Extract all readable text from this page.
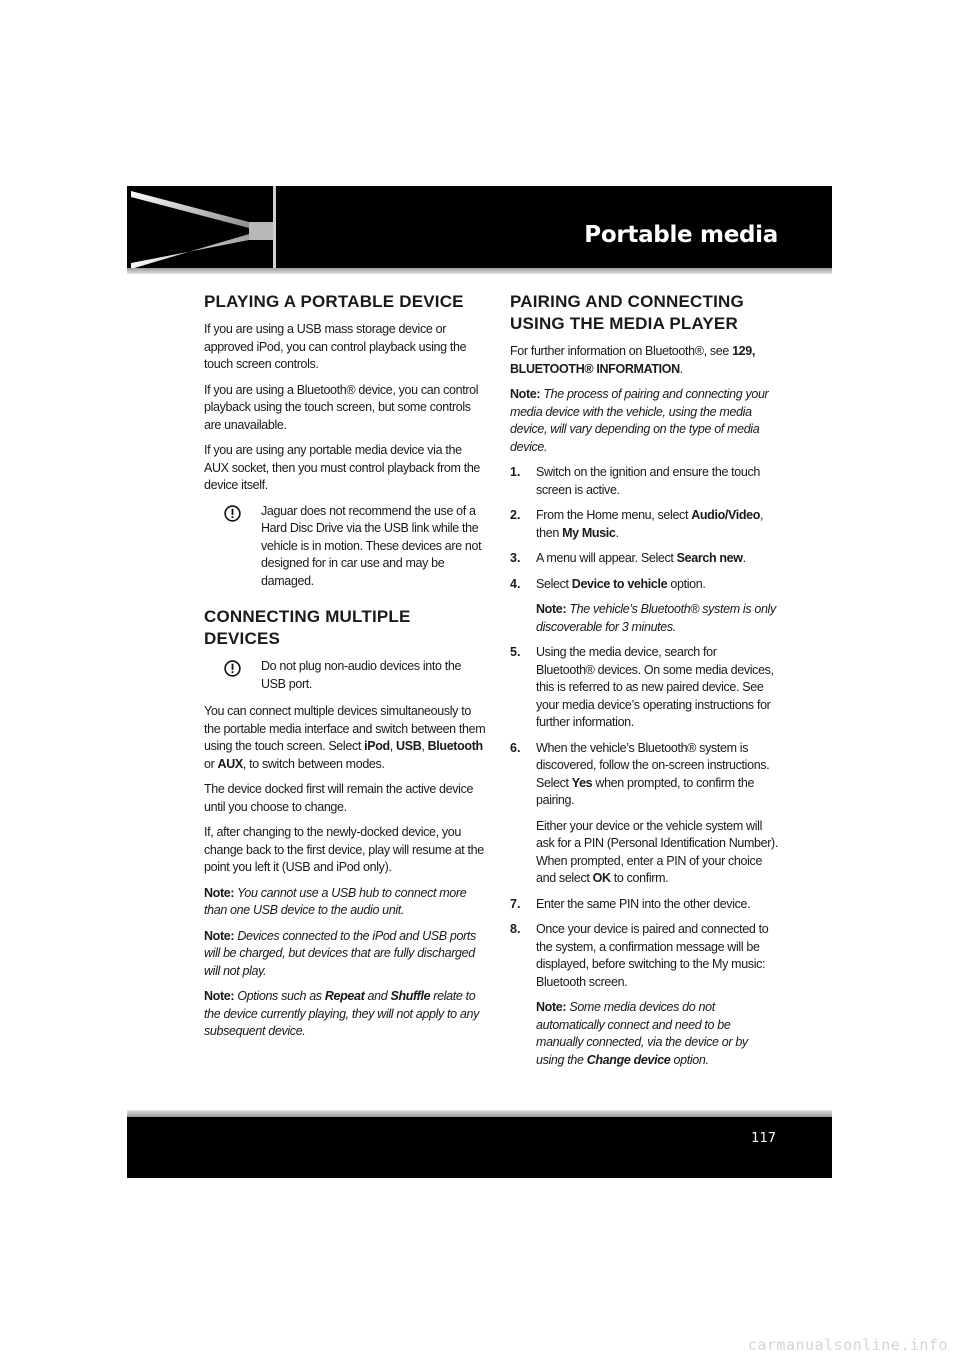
Portable media
PLAYING A PORTABLE DEVICE

If you are using a USB mass storage device or approved iPod, you can control playback using the touch screen controls.

If you are using a Bluetooth® device, you can control playback using the touch screen, but some controls are unavailable.

If you are using any portable media device via the AUX socket, then you must control playback from the device itself.

Jaguar does not recommend the use of a Hard Disc Drive via the USB link while the vehicle is in motion. These devices are not designed for in car use and may be damaged.
CONNECTING MULTIPLE DEVICES
Do not plug non-audio devices into the USB port.

You can connect multiple devices simultaneously to the portable media interface and switch between them using the touch screen. Select iPod, USB, Bluetooth or AUX, to switch between modes.

The device docked first will remain the active device until you choose to change.

If, after changing to the newly-docked device, you change back to the first device, play will resume at the point you left it (USB and iPod only).

Note: You cannot use a USB hub to connect more than one USB device to the audio unit.

Note: Devices connected to the iPod and USB ports will be charged, but devices that are fully discharged will not play.

Note: Options such as Repeat and Shuffle relate to the device currently playing, they will not apply to any subsequent device.

PAIRING AND CONNECTING USING THE MEDIA PLAYER

For further information on Bluetooth®, see 129, BLUETOOTH® INFORMATION.

Note: The process of pairing and connecting your media device with the vehicle, using the media device, will vary depending on the type of media device.

1.	Switch on the ignition and ensure the touch screen is active.

2.	From the Home menu, select Audio/Video, then My Music.

3.	A menu will appear. Select Search new.

4.	Select Device to vehicle option.

Note: The vehicle’s Bluetooth® system is only discoverable for 3 minutes.

5.	Using the media device, search for Bluetooth® devices. On some media devices, this is referred to as new paired device. See your media device’s operating instructions for further information.

6.	When the vehicle’s Bluetooth® system is discovered, follow the on-screen instructions. Select Yes when prompted, to confirm the pairing.

Either your device or the vehicle system will ask for a PIN (Personal Identification Number). When prompted, enter a PIN of your choice and select OK to confirm.

7.	Enter the same PIN into the other device.

8.	Once your device is paired and connected to the system, a confirmation message will be displayed, before switching to the My music: Bluetooth screen.

Note: Some media devices do not automatically connect and need to be manually connected, via the device or by using the Change device option.

117
carmanualsonline.info
